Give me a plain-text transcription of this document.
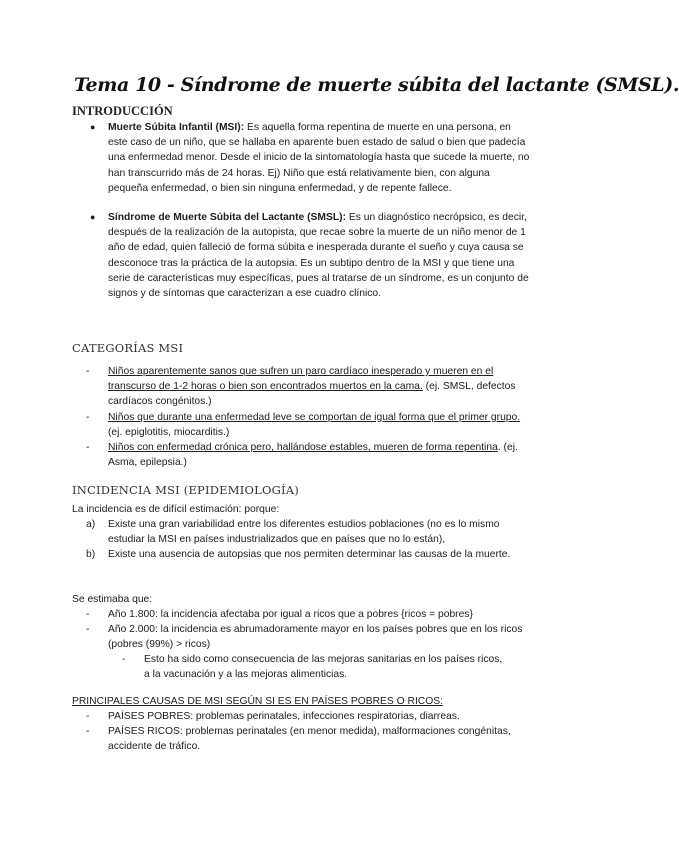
Tema 10 - Síndrome de muerte súbita del lactante (SMSL).
INTRODUCCIÓN
● Muerte Súbita Infantil (MSI): Es aquella forma repentina de muerte en una persona, en este caso de un niño, que se hallaba en aparente buen estado de salud o bien que padecía una enfermedad menor. Desde el inicio de la sintomatología hasta que sucede la muerte, no han transcurrido más de 24 horas. Ej) Niño que está relativamente bien, con alguna pequeña enfermedad, o bien sin ninguna enfermedad, y de repente fallece.
● Síndrome de Muerte Súbita del Lactante (SMSL): Es un diagnóstico necrópsico, es decir, después de la realización de la autopista, que recae sobre la muerte de un niño menor de 1 año de edad, quien falleció de forma súbita e inesperada durante el sueño y cuya causa se desconoce tras la práctica de la autopsia. Es un subtipo dentro de la MSI y que tiene una serie de características muy específicas, pues al tratarse de un síndrome, es un conjunto de signos y de síntomas que caracterizan a ese cuadro clínico.
CATEGORÍAS MSI
- Niños aparentemente sanos que sufren un paro cardíaco inesperado y mueren en el transcurso de 1-2 horas o bien son encontrados muertos en la cama. (ej. SMSL, defectos cardíacos congénitos.)
- Niños que durante una enfermedad leve se comportan de igual forma que el primer grupo. (ej. epiglotitis, miocarditis.)
- Niños con enfermedad crónica pero, hallándose estables, mueren de forma repentina. (ej. Asma, epilepsia.)
INCIDENCIA MSI (EPIDEMIOLOGÍA)
La incidencia es de difícil estimación: porque:
a) Existe una gran variabilidad entre los diferentes estudios poblaciones (no es lo mismo estudiar la MSI en países industrializados que en países que no lo están),
b) Existe una ausencia de autopsias que nos permiten determinar las causas de la muerte.
Se estimaba que:
- Año 1.800: la incidencia afectaba por igual a ricos que a pobres {ricos = pobres}
- Año 2.000: la incidencia es abrumadoramente mayor en los países pobres que en los ricos (pobres (99%) > ricos)
- Esto ha sido como consecuencia de las mejoras sanitarias en los países ricos, a la vacunación y a las mejoras alimenticias.
PRINCIPALES CAUSAS DE MSI SEGÚN SI ES EN PAÍSES POBRES O RICOS:
- PAÍSES POBRES: problemas perinatales, infecciones respiratorias, diarreas.
- PAÍSES RICOS: problemas perinatales (en menor medida), malformaciones congénitas, accidente de tráfico.
